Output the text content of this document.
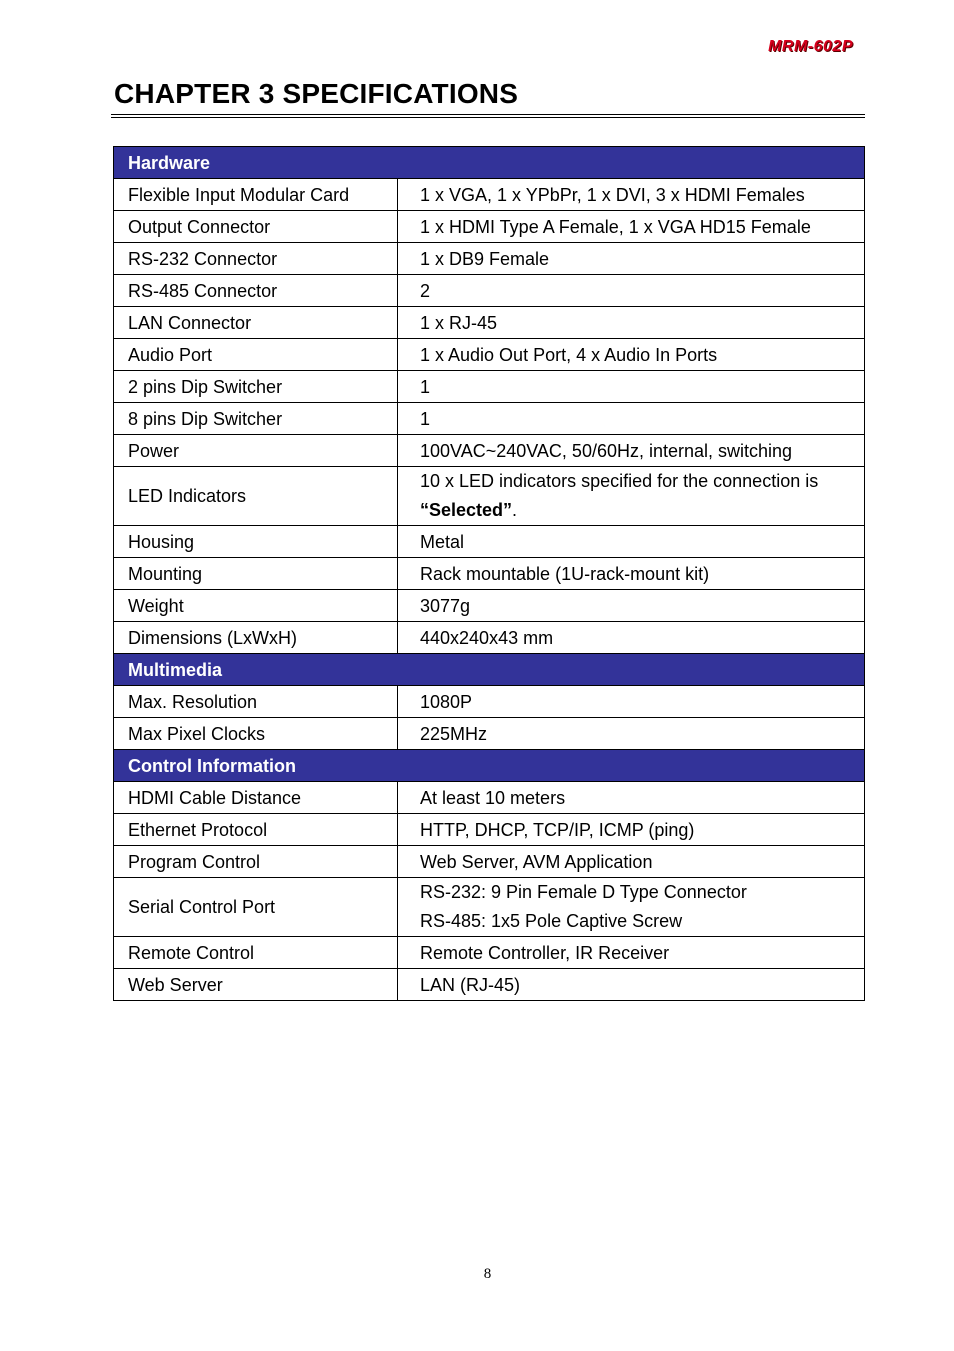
MRM-602P
CHAPTER 3 SPECIFICATIONS
Hardware	
Flexible Input Modular Card	1 x VGA, 1 x YPbPr, 1 x DVI, 3 x HDMI Females
Output Connector	1 x HDMI Type A Female, 1 x VGA HD15 Female
RS-232 Connector	1 x DB9 Female
RS-485 Connector	2
LAN Connector	1 x RJ-45
Audio Port	1 x Audio Out Port, 4 x Audio In Ports
2 pins Dip Switcher	1
8 pins Dip Switcher	1
Power	100VAC~240VAC, 50/60Hz, internal, switching
LED Indicators	10 x LED indicators specified for the connection is
“Selected”.

Housing	Metal
Mounting	Rack mountable (1U-rack-mount kit)
Weight	3077g
Dimensions (LxWxH)	440x240x43 mm
Multimedia	
Max. Resolution	1080P
Max Pixel Clocks	225MHz
Control Information	
HDMI Cable Distance	At least 10 meters
Ethernet Protocol	HTTP, DHCP, TCP/IP, ICMP (ping)
Program Control	Web Server, AVM Application
Serial Control Port	RS-232: 9 Pin Female D Type Connector
RS-485: 1x5 Pole Captive Screw

Remote Control	Remote Controller, IR Receiver
Web Server	LAN (RJ-45)
8
